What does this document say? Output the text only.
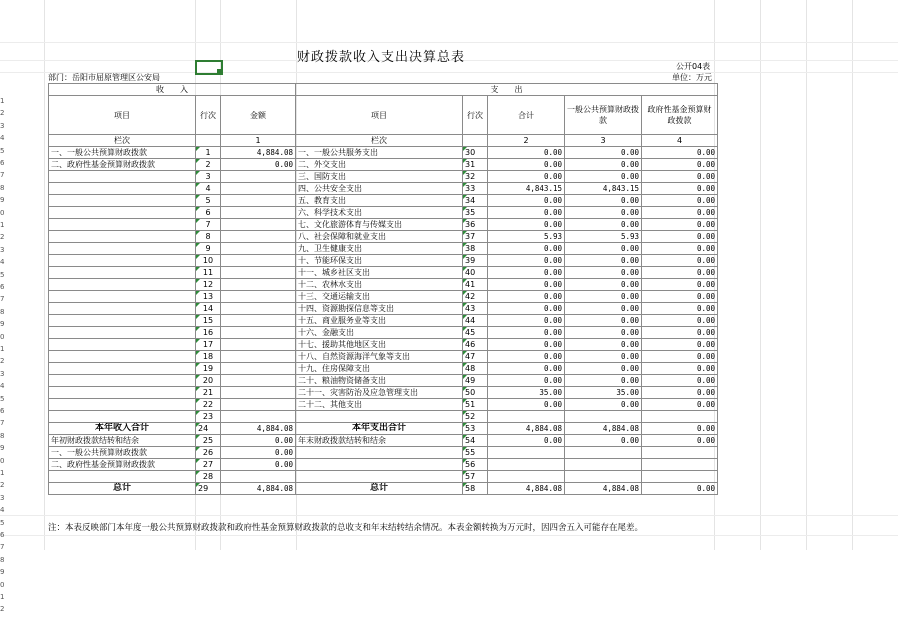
财政拨款收入支出决算总表
公开04表
部门：岳阳市屈原管理区公安局	单位：万元
收　　入			支　　出				
项目	行次	金额	项目	行次	合计	一般公共预算财政拨款	政府性基金预算财政拨款
栏次		1	栏次		2	3	4
一、一般公共预算财政拨款	1	4,884.08	一、一般公共服务支出	30	0.00	0.00	0.00
二、政府性基金预算财政拨款	2	0.00	二、外交支出	31	0.00	0.00	0.00
	3		三、国防支出	32	0.00	0.00	0.00
	4		四、公共安全支出	33	4,843.15	4,843.15	0.00
	5		五、教育支出	34	0.00	0.00	0.00
	6		六、科学技术支出	35	0.00	0.00	0.00
	7		七、文化旅游体育与传媒支出	36	0.00	0.00	0.00
	8		八、社会保障和就业支出	37	5.93	5.93	0.00
	9		九、卫生健康支出	38	0.00	0.00	0.00
	10		十、节能环保支出	39	0.00	0.00	0.00
	11		十一、城乡社区支出	40	0.00	0.00	0.00
	12		十二、农林水支出	41	0.00	0.00	0.00
	13		十三、交通运输支出	42	0.00	0.00	0.00
	14		十四、资源勘探信息等支出	43	0.00	0.00	0.00
	15		十五、商业服务业等支出	44	0.00	0.00	0.00
	16		十六、金融支出	45	0.00	0.00	0.00
	17		十七、援助其他地区支出	46	0.00	0.00	0.00
	18		十八、自然资源海洋气象等支出	47	0.00	0.00	0.00
	19		十九、住房保障支出	48	0.00	0.00	0.00
	20		二十、粮油物资储备支出	49	0.00	0.00	0.00
	21		二十一、灾害防治及应急管理支出	50	35.00	35.00	0.00
	22		二十二、其他支出	51	0.00	0.00	0.00
	23			52			
本年收入合计	24	4,884.08	本年支出合计	53	4,884.08	4,884.08	0.00
年初财政拨款结转和结余	25	0.00	年末财政拨款结转和结余	54	0.00	0.00	0.00
一、一般公共预算财政拨款	26	0.00		55			
二、政府性基金预算财政拨款	27	0.00		56			
	28			57			
总计	29	4,884.08	总计	58	4,884.08	4,884.08	0.00
注：本表反映部门本年度一般公共预算财政拨款和政府性基金预算财政拨款的总收支和年末结转结余情况。本表金额转换为万元时，因四舍五入可能存在尾差。
1
2
3
4
5
6
7
8
9
0
1
2
3
4
5
6
7
8
9
0
1
2
3
4
5
6
7
8
9
0
1
2
3
4
5
6
7
8
9
0
1
2
